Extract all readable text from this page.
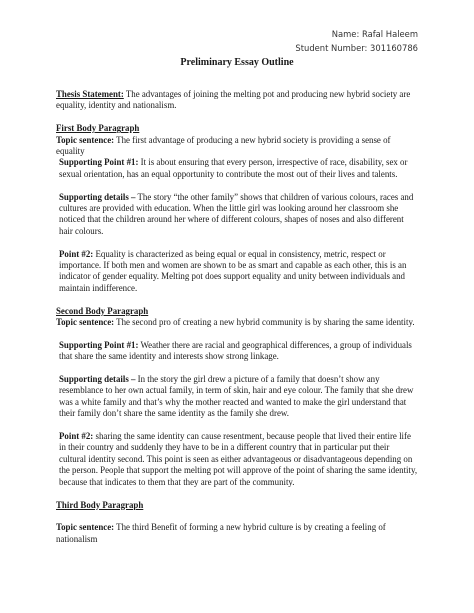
Name: Rafal Haleem
Student Number: 301160786
Preliminary Essay Outline

Thesis Statement: The advantages of joining the melting pot and producing new hybrid society are equality, identity and nationalism.

First Body Paragraph

Topic sentence: The first advantage of producing a new hybrid society is providing a sense of equality

Supporting Point #1: It is about ensuring that every person, irrespective of race, disability, sex or sexual orientation, has an equal opportunity to contribute the most out of their lives and talents.

Supporting details – The story “the other family” shows that children of various colours, races and cultures are provided with education. When the little girl was looking around her classroom she noticed that the children around her where of different colours, shapes of noses and also different hair colours.

Point #2: Equality is characterized as being equal or equal in consistency, metric, respect or importance. If both men and women are shown to be as smart and capable as each other, this is an indicator of gender equality. Melting pot does support equality and unity between individuals and maintain indifference.

Second Body Paragraph

Topic sentence: The second pro of creating a new hybrid community is by sharing the same identity.

Supporting Point #1: Weather there are racial and geographical differences, a group of individuals that share the same identity and interests show strong linkage.

Supporting details – In the story the girl drew a picture of a family that doesn’t show any resemblance to her own actual family, in term of skin, hair and eye colour. The family that she drew was a white family and that’s why the mother reacted and wanted to make the girl understand that their family don’t share the same identity as the family she drew.

Point #2: sharing the same identity can cause resentment, because people that lived their entire life in their country and suddenly they have to be in a different country that in particular put their cultural identity second. This point is seen as either advantageous or disadvantageous depending on the person. People that support the melting pot will approve of the point of sharing the same identity, because that indicates to them that they are part of the community.

Third Body Paragraph

Topic sentence: The third Benefit of forming a new hybrid culture is by creating a feeling of nationalism
